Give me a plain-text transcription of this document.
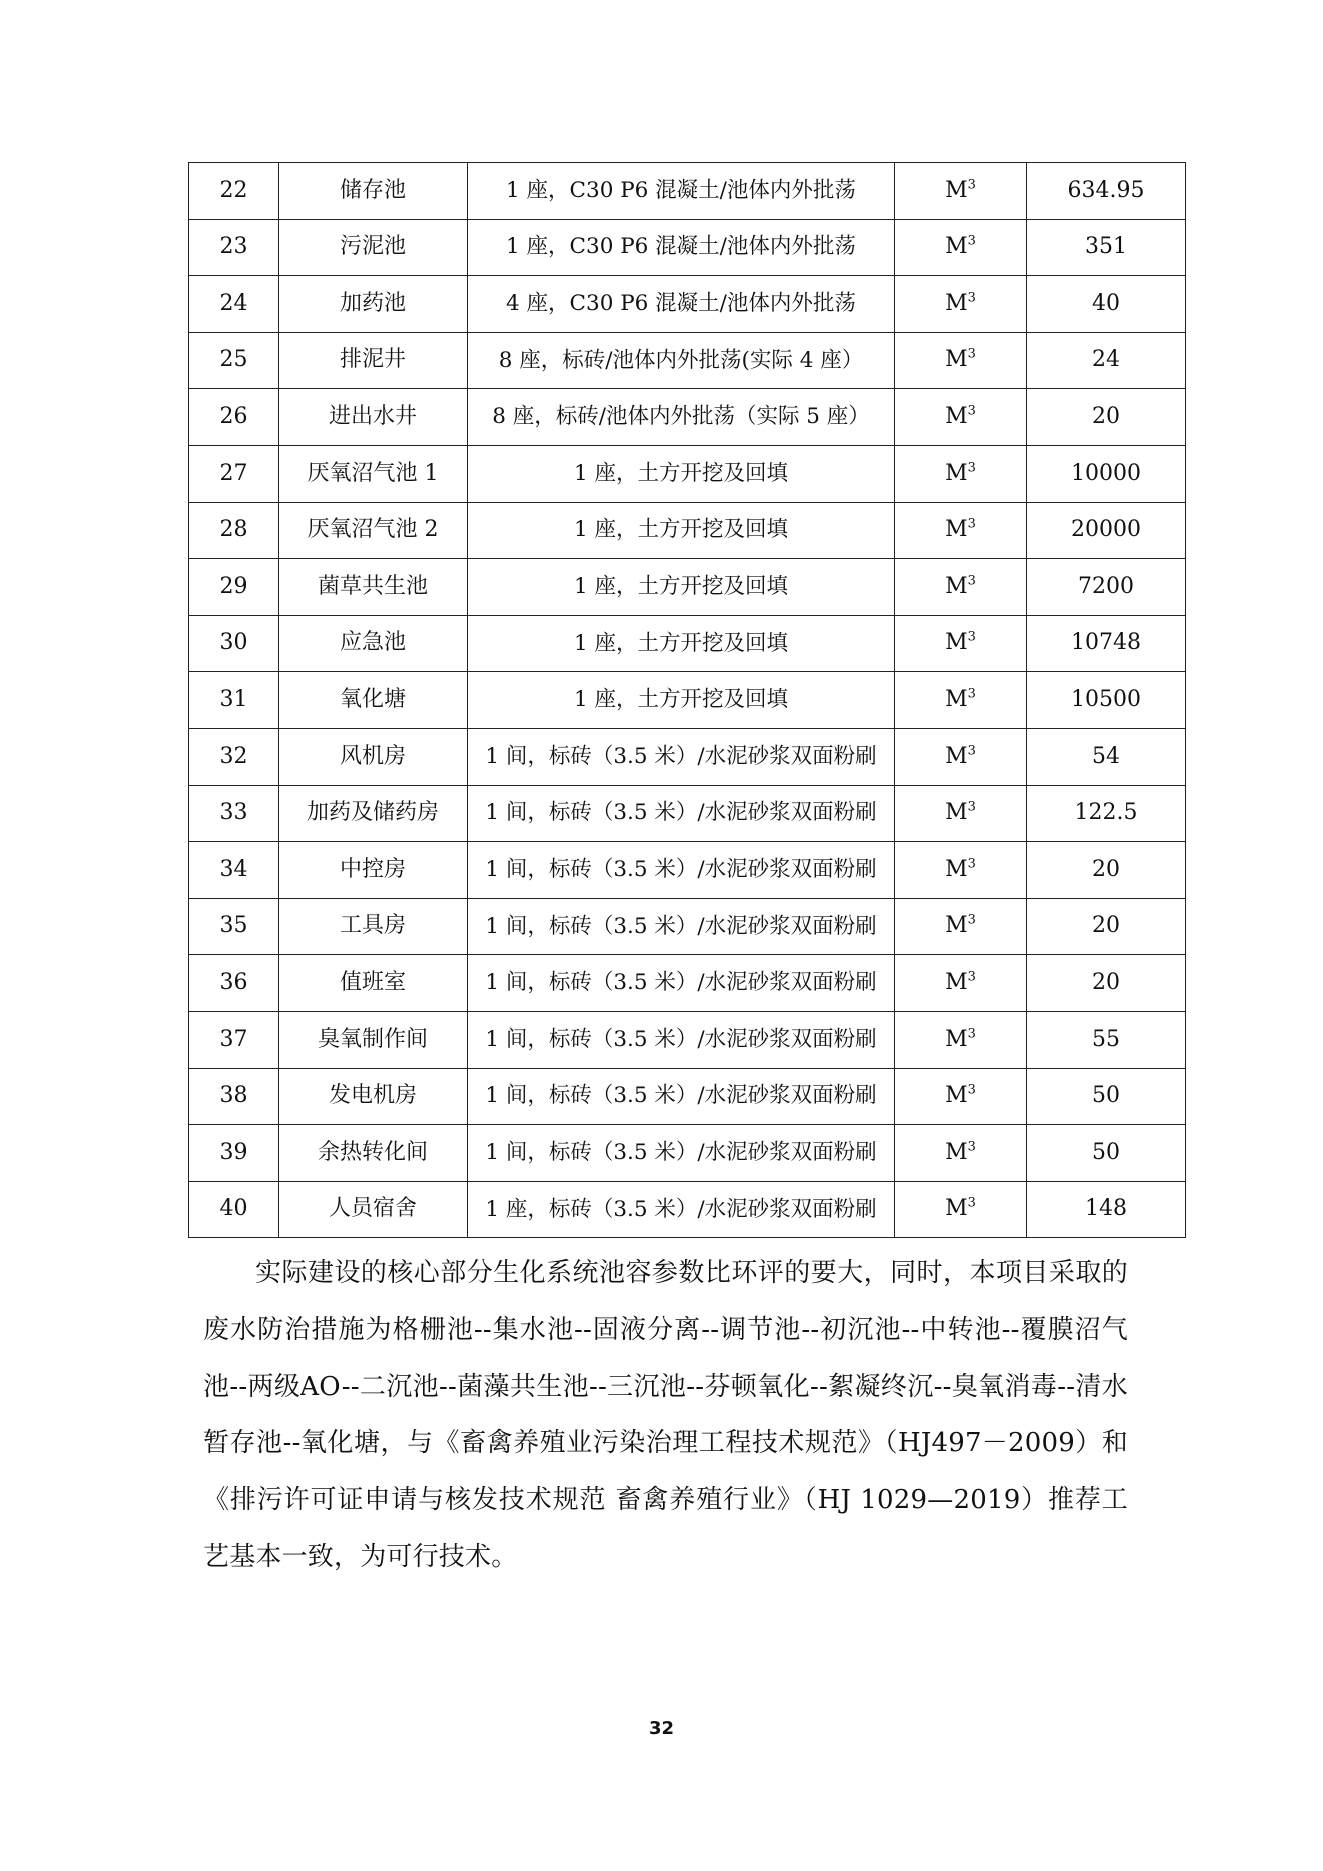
22	储存池	1 座，C30 P6 混凝土/池体内外批荡	$M^3$	634.95
23	污泥池	1 座，C30 P6 混凝土/池体内外批荡	$M^3$	351
24	加药池	4 座，C30 P6 混凝土/池体内外批荡	$M^3$	40
25	排泥井	8 座，标砖/池体内外批荡(实际 4 座）	$M^3$	24
26	进出水井	8 座，标砖/池体内外批荡（实际 5 座）	$M^3$	20
27	厌氧沼气池 1	1 座，土方开挖及回填	$M^3$	10000
28	厌氧沼气池 2	1 座，土方开挖及回填	$M^3$	20000
29	菌草共生池	1 座，土方开挖及回填	$M^3$	7200
30	应急池	1 座，土方开挖及回填	$M^3$	10748
31	氧化塘	1 座，土方开挖及回填	$M^3$	10500
32	风机房	1 间，标砖（3.5 米）/水泥砂浆双面粉刷	$M^3$	54
33	加药及储药房	1 间，标砖（3.5 米）/水泥砂浆双面粉刷	$M^3$	122.5
34	中控房	1 间，标砖（3.5 米）/水泥砂浆双面粉刷	$M^3$	20
35	工具房	1 间，标砖（3.5 米）/水泥砂浆双面粉刷	$M^3$	20
36	值班室	1 间，标砖（3.5 米）/水泥砂浆双面粉刷	$M^3$	20
37	臭氧制作间	1 间，标砖（3.5 米）/水泥砂浆双面粉刷	$M^3$	55
38	发电机房	1 间，标砖（3.5 米）/水泥砂浆双面粉刷	$M^3$	50
39	余热转化间	1 间，标砖（3.5 米）/水泥砂浆双面粉刷	$M^3$	50
40	人员宿舍	1 座，标砖（3.5 米）/水泥砂浆双面粉刷	$M^3$	148

实际建设的核心部分生化系统池容参数比环评的要大，同时，本项目采取的废水防治措施为格栅池--集水池--固液分离--调节池--初沉池--中转池--覆膜沼气池--两级AO--二沉池--菌藻共生池--三沉池--芬顿氧化--絮凝终沉--臭氧消毒--清水暂存池--氧化塘，与《畜禽养殖业污染治理工程技术规范》（HJ497－2009）和《排污许可证申请与核发技术规范 畜禽养殖行业》（HJ 1029—2019）推荐工艺基本一致，为可行技术。

32
